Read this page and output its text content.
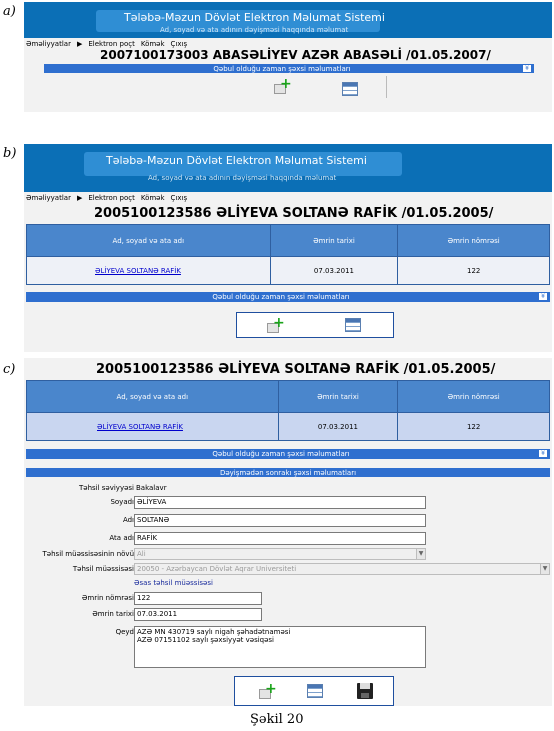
a)	Tələbə-Məzun Dövlət Elektron Məlumat Sistemi
Ad, soyad və ata adının dəyişməsi haqqında məlumat
Əməliyyatlar ▶ Elektron poçt Kömək Çıxış
2007100173003 ABASƏLİYEV AZƏR ABASƏLİ /01.05.2007/
Qəbul olduğu zaman şəxsi məlumatları	¥
+
b)	Tələbə-Məzun Dövlət Elektron Məlumat Sistemi
Ad, soyad və ata adının dəyişməsi haqqında məlumat
Əməliyyatlar ▶ Elektron poçt Kömək Çıxış
2005100123586 ƏLİYEVA SOLTANƏ RAFİK /01.05.2005/
Ad, soyad və ata adı	Əmrin tarixi	Əmrin nömrəsi
ƏLİYEVA SOLTANƏ RAFİK	07.03.2011	122
Qəbul olduğu zaman şəxsi məlumatları	¥
+
c)	2005100123586 ƏLİYEVA SOLTANƏ RAFİK /01.05.2005/
Ad, soyad və ata adı	Əmrin tarixi	Əmrin nömrəsi
ƏLİYEVA SOLTANƏ RAFİK	07.03.2011	122
Qəbul olduğu zaman şəxsi məlumatları	¥
Dəyişmədən sonrakı şəxsi məlumatları
Təhsil səviyyəsi Bakalavr
Soyadı ƏLİYEVA
Adı SOLTANƏ
Ata adı RAFİK
Təhsil müəssisəsinin növü Ali	▼
Təhsil müəssisəsi 20050 - Azərbaycan Dövlət Aqrar Universiteti	▼
Əsas təhsil müəssisəsi
Əmrin nömrəsi 122
Əmrin tarixi 07.03.2011
Qeyd AZƏ MN 430719 saylı nigah şəhadətnaməsi
AZƏ 07151102 saylı şəxsiyyət vəsiqəsi
+
Şəkil 20
